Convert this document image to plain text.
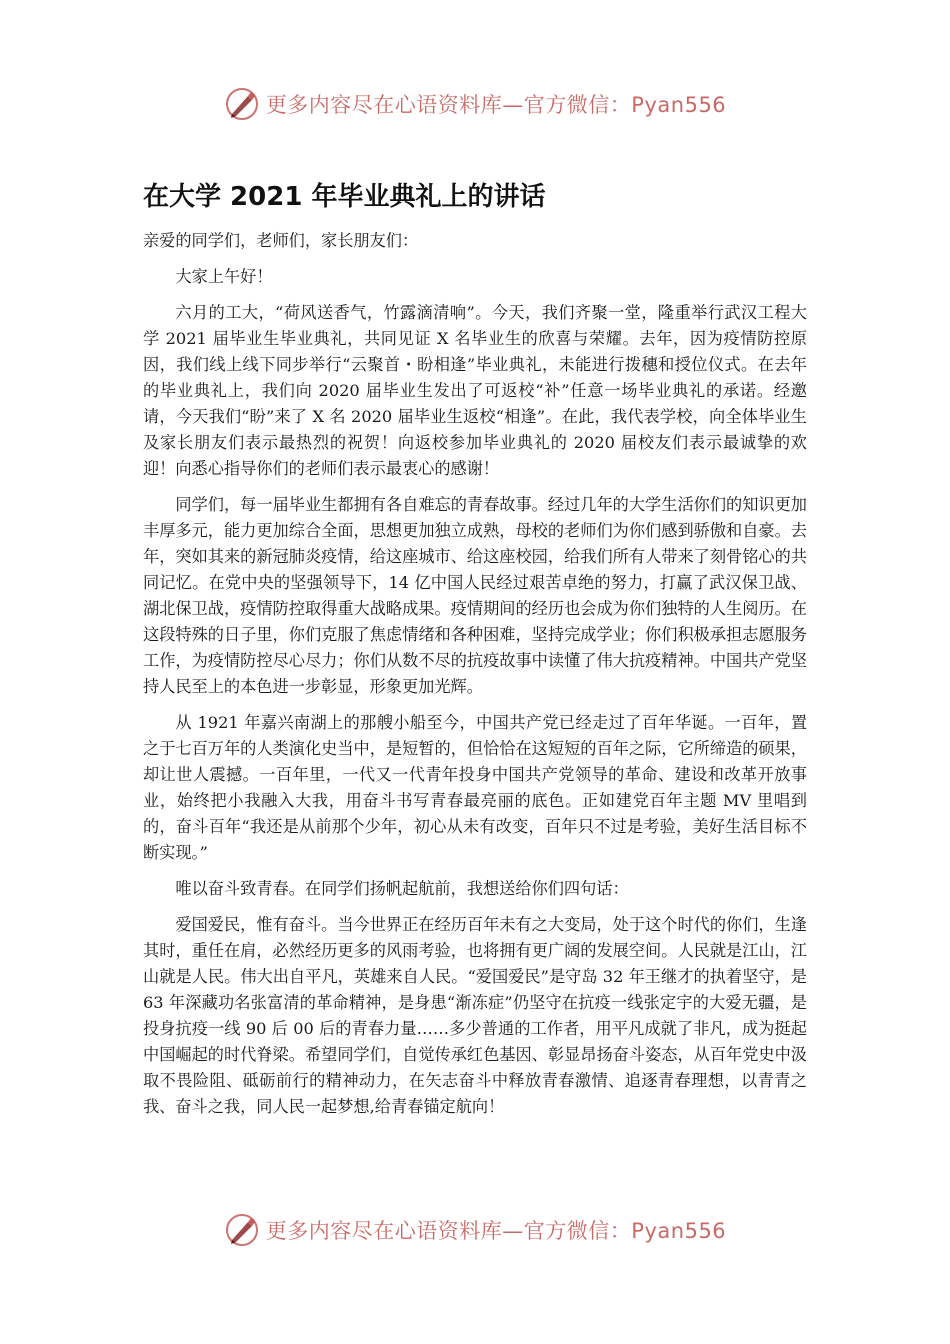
更多内容尽在心语资料库—官方微信：Pyan556
在大学 2021 年毕业典礼上的讲话

亲爱的同学们，老师们，家长朋友们：

大家上午好！

六月的工大，“荷风送香气，竹露滴清响”。今天，我们齐聚一堂，隆重举行武汉工程大学 2021 届毕业生毕业典礼，共同见证 X 名毕业生的欣喜与荣耀。去年，因为疫情防控原因，我们线上线下同步举行“云聚首・盼相逢”毕业典礼，未能进行拨穗和授位仪式。在去年的毕业典礼上，我们向 2020 届毕业生发出了可返校“补”任意一场毕业典礼的承诺。经邀请，今天我们“盼”来了 X 名 2020 届毕业生返校“相逢”。在此，我代表学校，向全体毕业生及家长朋友们表示最热烈的祝贺！向返校参加毕业典礼的 2020 届校友们表示最诚挚的欢迎！向悉心指导你们的老师们表示最衷心的感谢！

同学们，每一届毕业生都拥有各自难忘的青春故事。经过几年的大学生活你们的知识更加丰厚多元，能力更加综合全面，思想更加独立成熟，母校的老师们为你们感到骄傲和自豪。去年，突如其来的新冠肺炎疫情，给这座城市、给这座校园，给我们所有人带来了刻骨铭心的共同记忆。在党中央的坚强领导下，14 亿中国人民经过艰苦卓绝的努力，打赢了武汉保卫战、湖北保卫战，疫情防控取得重大战略成果。疫情期间的经历也会成为你们独特的人生阅历。在这段特殊的日子里，你们克服了焦虑情绪和各种困难，坚持完成学业；你们积极承担志愿服务工作，为疫情防控尽心尽力；你们从数不尽的抗疫故事中读懂了伟大抗疫精神。中国共产党坚持人民至上的本色进一步彰显，形象更加光辉。

从 1921 年嘉兴南湖上的那艘小船至今，中国共产党已经走过了百年华诞。一百年，置之于七百万年的人类演化史当中，是短暂的，但恰恰在这短短的百年之际，它所缔造的硕果，却让世人震撼。一百年里，一代又一代青年投身中国共产党领导的革命、建设和改革开放事业，始终把小我融入大我，用奋斗书写青春最亮丽的底色。正如建党百年主题 MV 里唱到的，奋斗百年“我还是从前那个少年，初心从未有改变，百年只不过是考验，美好生活目标不断实现。”

唯以奋斗致青春。在同学们扬帆起航前，我想送给你们四句话：

爱国爱民，惟有奋斗。当今世界正在经历百年未有之大变局，处于这个时代的你们，生逢其时，重任在肩，必然经历更多的风雨考验，也将拥有更广阔的发展空间。人民就是江山，江山就是人民。伟大出自平凡，英雄来自人民。“爱国爱民”是守岛 32 年王继才的执着坚守，是 63 年深藏功名张富清的革命精神，是身患“渐冻症”仍坚守在抗疫一线张定宇的大爱无疆，是投身抗疫一线 90 后 00 后的青春力量……多少普通的工作者，用平凡成就了非凡，成为挺起中国崛起的时代脊梁。希望同学们，自觉传承红色基因、彰显昂扬奋斗姿态，从百年党史中汲取不畏险阻、砥砺前行的精神动力，在矢志奋斗中释放青春激情、追逐青春理想，以青青之我、奋斗之我，同人民一起梦想,给青春锚定航向！

更多内容尽在心语资料库—官方微信：Pyan556
